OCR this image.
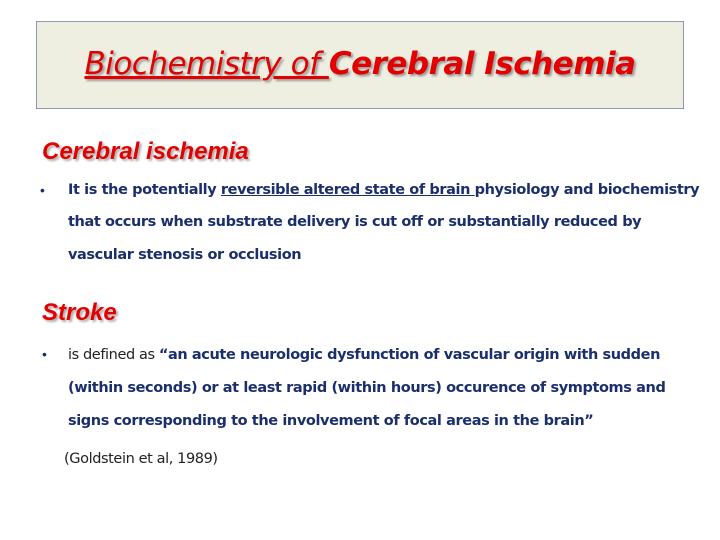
Biochemistry of Cerebral Ischemia
Cerebral ischemia
• It is the potentially reversible altered state of brain physiology and biochemistry
that occurs when substrate delivery is cut off or substantially reduced by
vascular stenosis or occlusion
Stroke
• is defined as “an acute neurologic dysfunction of vascular origin with sudden
(within seconds) or at least rapid (within hours) occurence of symptoms and
signs corresponding to the involvement of focal areas in the brain”
(Goldstein et al, 1989)
